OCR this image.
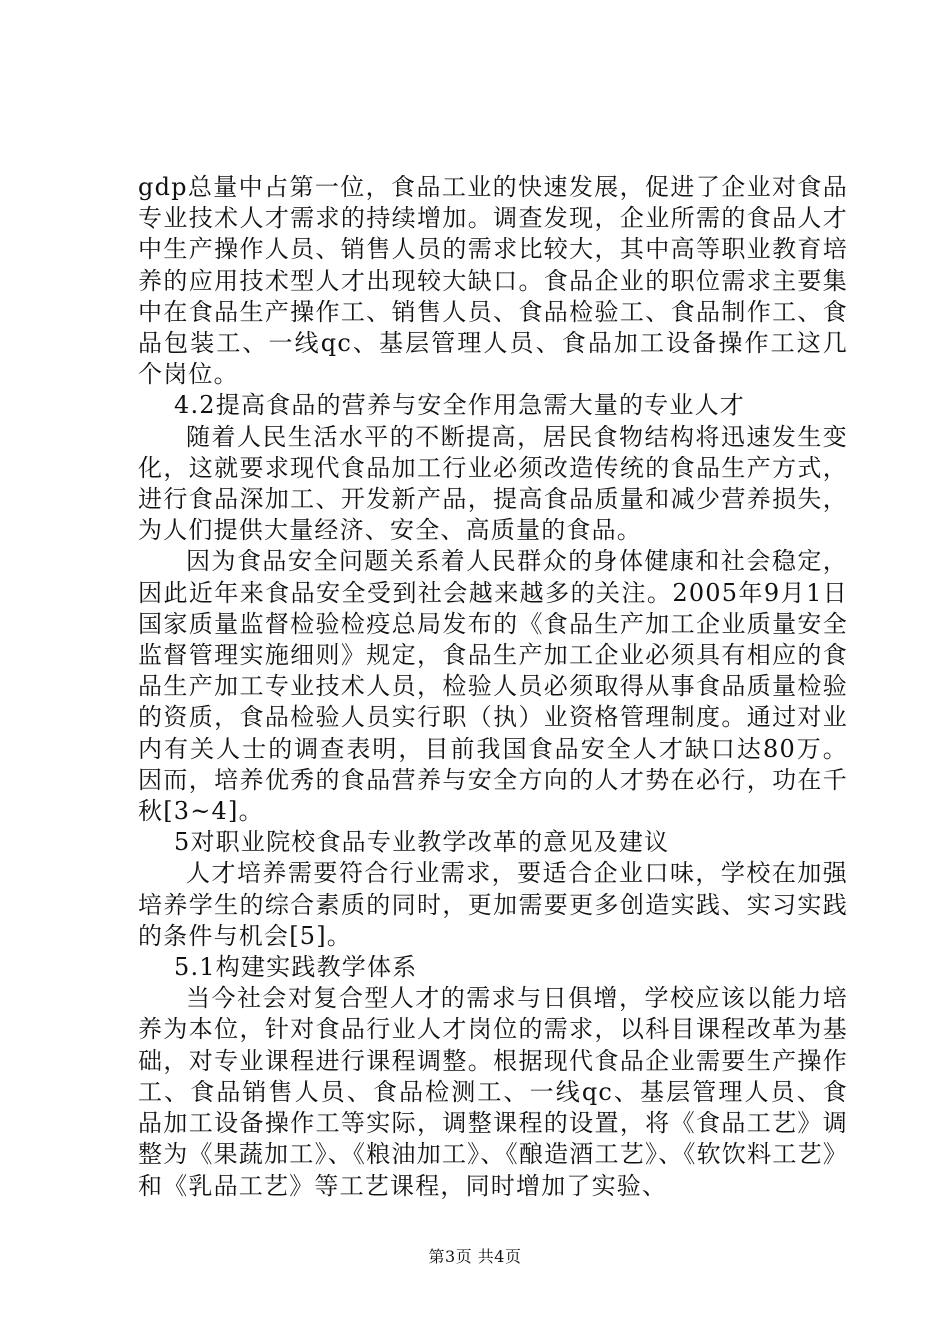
gdp总量中占第一位，食品工业的快速发展，促进了企业对食品专业技术人才需求的持续增加。调查发现，企业所需的食品人才中生产操作人员、销售人员的需求比较大，其中高等职业教育培养的应用技术型人才出现较大缺口。食品企业的职位需求主要集中在食品生产操作工、销售人员、食品检验工、食品制作工、食品包装工、一线qc、基层管理人员、食品加工设备操作工这几个岗位。

4.2提高食品的营养与安全作用急需大量的专业人才

随着人民生活水平的不断提高，居民食物结构将迅速发生变化，这就要求现代食品加工行业必须改造传统的食品生产方式，进行食品深加工、开发新产品，提高食品质量和减少营养损失，为人们提供大量经济、安全、高质量的食品。

因为食品安全问题关系着人民群众的身体健康和社会稳定，因此近年来食品安全受到社会越来越多的关注。2005年9月1日国家质量监督检验检疫总局发布的《食品生产加工企业质量安全监督管理实施细则》规定，食品生产加工企业必须具有相应的食品生产加工专业技术人员，检验人员必须取得从事食品质量检验的资质，食品检验人员实行职（执）业资格管理制度。通过对业内有关人士的调查表明，目前我国食品安全人才缺口达80万。因而，培养优秀的食品营养与安全方向的人才势在必行，功在千秋[3~4]。

5对职业院校食品专业教学改革的意见及建议

人才培养需要符合行业需求，要适合企业口味，学校在加强培养学生的综合素质的同时，更加需要更多创造实践、实习实践的条件与机会[5]。

5.1构建实践教学体系

当今社会对复合型人才的需求与日俱增，学校应该以能力培养为本位，针对食品行业人才岗位的需求，以科目课程改革为基础，对专业课程进行课程调整。根据现代食品企业需要生产操作工、食品销售人员、食品检测工、一线qc、基层管理人员、食品加工设备操作工等实际，调整课程的设置，将《食品工艺》调整为《果蔬加工》、《粮油加工》、《酿造酒工艺》、《软饮料工艺》和《乳品工艺》等工艺课程，同时增加了实验、

第3页 共4页
